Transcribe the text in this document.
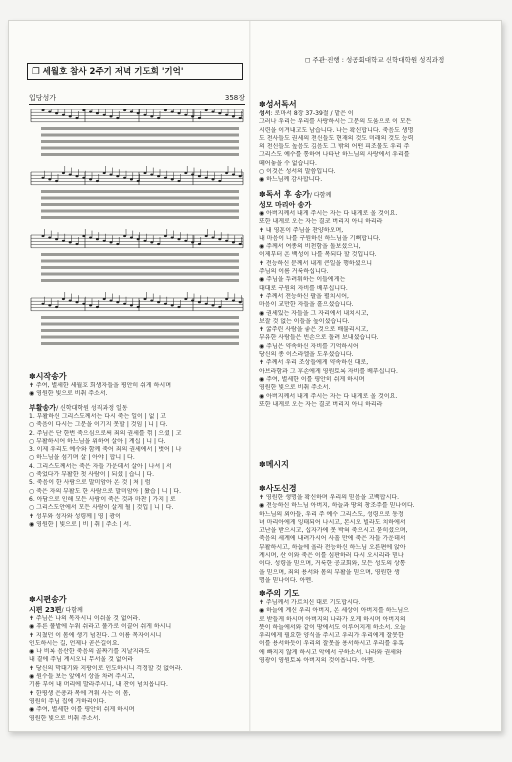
❐ 세월호 참사 2주기 저녁 기도회 '기억'
◻ 주관·진행 : 성공회대학교 신학대학원 성직과정
입당성가	358장

✽시작송가

✝ 주여, 별세한 세월호 희생자들을 평안히 쉬게 하시며

◉ 영원한 빛으로 비춰 주소서.

부활송가/ 신학대학원 성직과정 일동

1. 부활하신 그리스도께서는 다시 죽는 일이 | 없 | 고

○ 죽음이 다시는 그분을 이기지 못할 | 것임 | 니 | 다.

2. 주님은 단 한번 죽으심으로써 죄의 권세를 꺾 | 으셨 | 고

○ 부활하시어 하느님을 위하여 살아 | 계십 | 니 | 다.

3. 이제 우리도 예수와 함께 죽어 죄의 권세에서 | 벗어 | 나

○ 하느님을 섬기며 살 | 아야 | 합니 | 다.

4. 그리스도께서는 죽은 자들 가운데서 살아 | 나셔 | 서

○ 죽었다가 부활한 첫 사람이 | 되셨 | 습니 | 다.

5. 죽음이 한 사람으로 말미암아 온 것 | 처 | 럼

○ 죽은 자의 부활도 한 사람으로 말미암아 | 왔습 | 니 | 다.

6. 아담으로 인해 모든 사람이 죽은 것과 마찬 | 가지 | 로

○ 그리스도안에서 모든 사람이 살게 될 | 것입 | 니 | 다.

✝ 성부와 성자와 성령께 | 영 | 광이

◉ 영원한 | 빛으로 | 비 | 취 | 주소 | 서.

✽시편송가

시편 23편/ 다함께

✝ 주님은 나의 목자시니 이쉬울 것 없어라.

◉ 푸른 풀밭에 누워 쉬라고 풀가로 이끌어 쉬게 하시니

✝ 지쳤던 이 몸에 생기 넘친다. 그 이름 목자이시니

인도하시는 길, 언제나 곧은길이요.

◉ 나 비록 음산한 죽음의 골짜기를 지날지라도

내 곁에 주님 계시오니 무서울 것 없어라

✝ 당신의 막대기와 지팡이로 인도하시니 걱정할 것 없어라.

◉ 원수들 보는 앞에서 상을 차려 주시고,

기름 부어 내 머리에 발라주시니, 내 잔이 넘치옵니다.

✝ 한평생 은총과 복에 겨워 사는 이 몸,

영원히 주님 집에 거하리이다.

◉ 주여, 별세한 이를 평안히 쉬게 하시며

영원한 빛으로 비춰 주소서.

✽성서독서

성서: 로마서 8장 37-39절 / 맡은 이

그러나 우리는 우리를 사랑하시는 그분의 도움으로 이 모든

시련을 이겨내고도 남습니다. 나는 확신합니다. 죽음도 생명

도 천사들도 권세의 천신들도 현재의 것도 미래의 것도 능력

의 천신들도 높음도 깊음도 그 밖의 어떤 피조물도 우리 주

그리스도 예수를 통하여 나타난 하느님의 사랑에서 우리를

떼어놓을 수 없습니다.

○ 이것은 성서의 말씀입니다.

◉ 하느님께 감사합니다.

✽독서 후 송가/ 다함께

성모 마리아 송가

◉ 아버지께서 내게 주시는 자는 다 내게로 올 것이요.

또한 내게로 오는 자는 결코 버리지 아니 하리라

✝ 내 영혼이 주님을 찬양하오며,

내 마음이 나를 구원하신 하느님을 기뻐합니다.

◉ 주께서 여종의 비천함을 돌보셨으니,

이제부터 온 백성이 나를 복되다 할 것입니다.

✝ 전능하신 분께서 내게 큰일을 행하셨으니

주님의 이름 거룩하십니다.

◉ 주님을 두려워하는 이들에게는

대대로 구원의 자비를 베푸십니다.

✝ 주께서 전능하신 팔을 펼치시어,

마음이 교만한 자들을 흩으셨습니다.

◉ 권세있는 자들을 그 자리에서 내치시고,

보잘 것 없는 이들을 높이셨습니다.

✝ 굶주린 사람을 좋은 것으로 배불리시고,

부유한 사람들은 빈손으로 돌려 보내셨습니다.

◉ 주님은 약속하신 자비를 기억하시어

당신의 종 이스라엘을 도우셨습니다.

✝ 주께서 우리 조상들에게 약속하신 대로,

아브라함과 그 후손에게 영원토록 자비를 베푸십니다.

◉ 주여, 별세한 이를 평안히 쉬게 하시며

영원한 빛으로 비춰 주소서.

◉ 아버지께서 내게 주시는 자는 다 내게로 올 것이요.

또한 내게로 오는 자는 결코 버리지 아니 하리라

✽메시지

✽사도신경

✝ 영원한 생명을 확신하며 우리의 믿음을 고백합시다.

◉ 전능하신 하느님 아버지, 하늘과 땅의 창조주를 믿나이다.

하느님의 외아들, 우리 주 예수 그리스도, 성령으로 동정

녀 마리아에게 잉태되어 나시고, 본시오 빌라도 치하에서

고난을 받으시고, 십자가에 못 박혀 죽으시고 묻히셨으며,

죽음의 세계에 내려가시어 사흘 만에 죽은 자들 가운데서

부활하시고, 하늘에 올라 전능하신 하느님 오른편에 앉아

계시며, 산 이와 죽은 이를 심판하러 다시 오시리라 믿나

이다. 성령을 믿으며, 거룩한 공교회와, 모든 성도의 상통

을 믿으며, 죄의 용서와 몸의 부활을 믿으며, 영원한 생

명을 믿나이다. 아멘.

✽주의 기도

✝ 주님께서 가르치신 대로 기도합시다.

◉ 하늘에 계신 우리 아버지, 온 세상이 아버지를 하느님으

로 받들게 하시며 아버지의 나라가 오게 하시며 아버지의

뜻이 하늘에서와 같이 땅에서도 이루어지게 하소서. 오늘

우리에게 필요한 양식을 주시고 우리가 우리에게 잘못한

이를 용서하듯이 우리의 잘못을 용서하시고 우리를 유혹

에 빠지지 않게 하시고 악에서 구하소서. 나라와 권세와

영광이 영원토록 아버지의 것이옵니다. 아멘.
